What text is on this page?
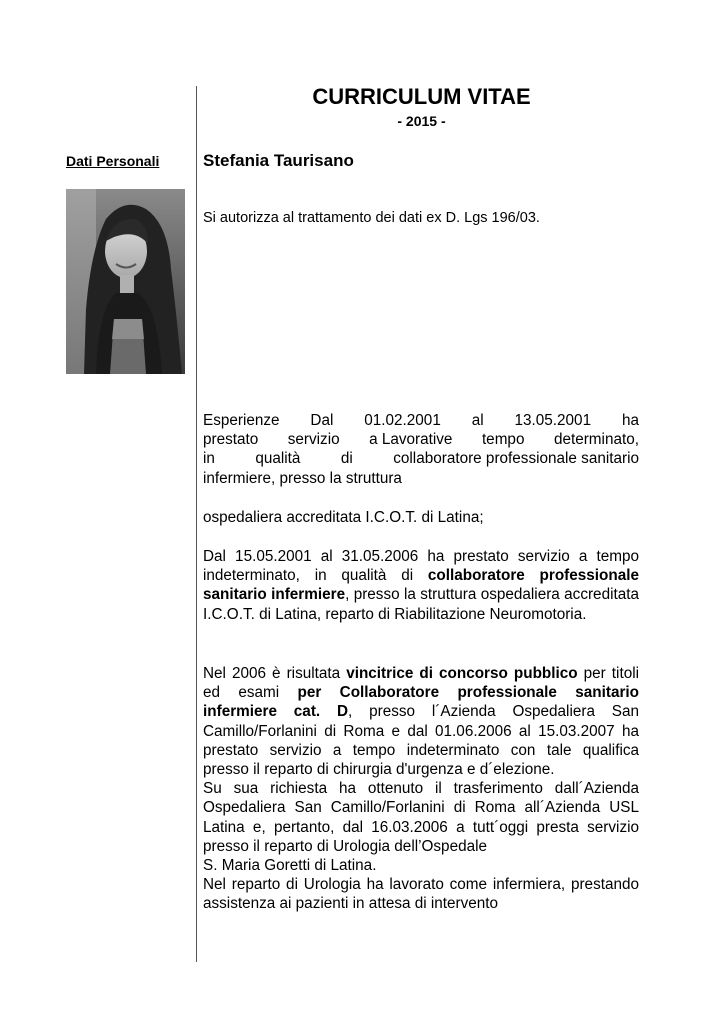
CURRICULUM VITAE
- 2015 -
Dati Personali	Stefania Taurisano
Si autorizza al trattamento dei dati ex D. Lgs 196/03.
Esperienze Dal 01.02.2001 al 13.05.2001 ha
prestato servizio a Lavorative tempo determinato,
in	qualità	di	collaboratore professionale sanitario
infermiere, presso la struttura
ospedaliera accreditata I.C.O.T. di Latina;

Dal 15.05.2001 al 31.05.2006 ha prestato servizio a tempo indeterminato, in qualità di collaboratore professionale sanitario infermiere, presso la struttura ospedaliera accreditata I.C.O.T. di Latina, reparto di Riabilitazione Neuromotoria.

Nel 2006 è risultata vincitrice di concorso pubblico per titoli ed esami per Collaboratore professionale sanitario infermiere cat. D, presso l´Azienda Ospedaliera San Camillo/Forlanini di Roma e dal 01.06.2006 al 15.03.2007 ha prestato servizio a tempo indeterminato con tale qualifica presso il reparto di chirurgia d'urgenza e d´elezione.

Su sua richiesta ha ottenuto il trasferimento dall´Azienda Ospedaliera San Camillo/Forlanini di Roma all´Azienda USL Latina e, pertanto, dal 16.03.2006 a tutt´oggi presta servizio presso il reparto di Urologia dell’Ospedale

S. Maria Goretti di Latina.

Nel reparto di Urologia ha lavorato come infermiera, prestando assistenza ai pazienti in attesa di intervento
